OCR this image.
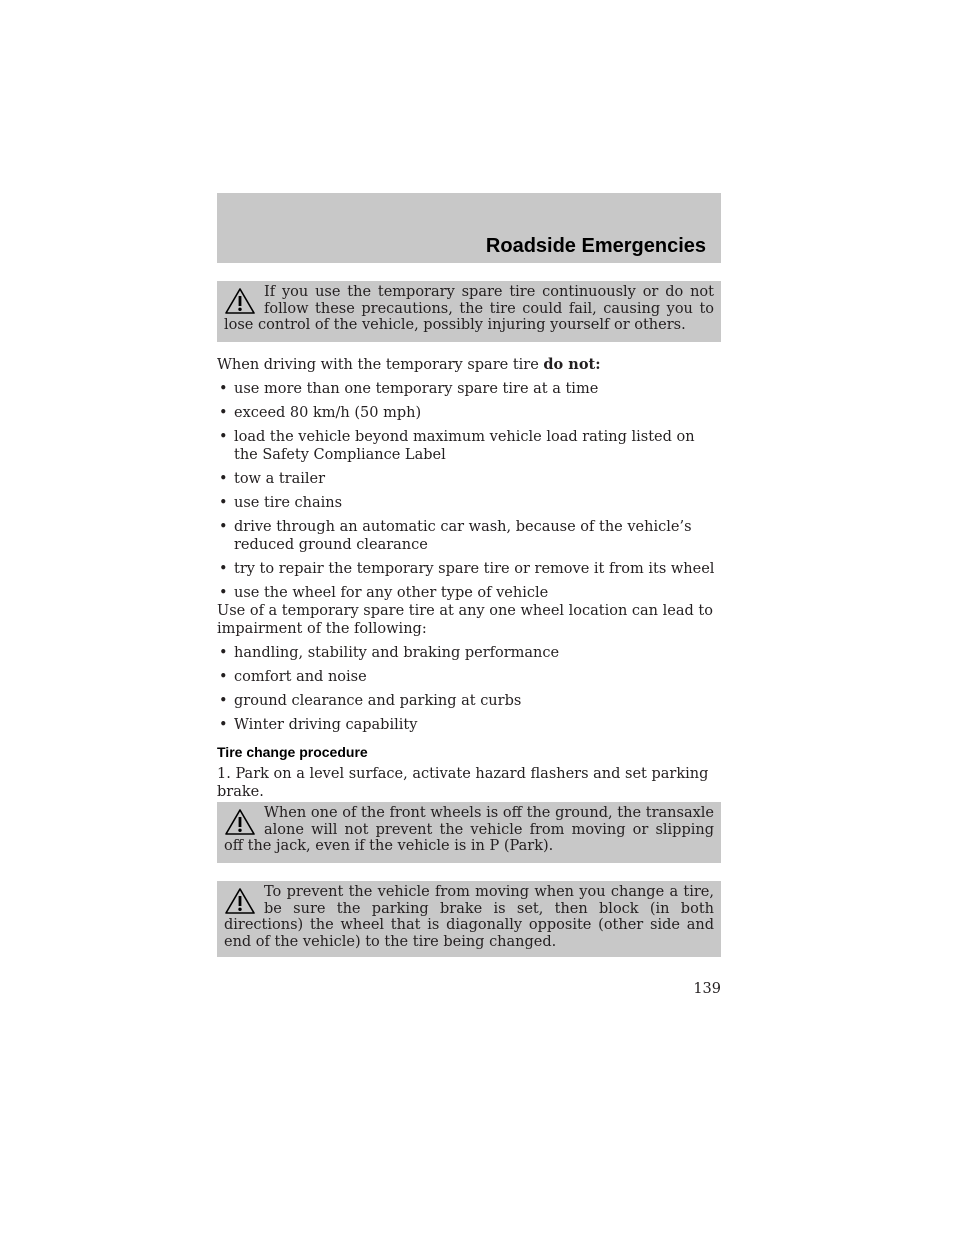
Roadside Emergencies
If you use the temporary spare tire continuously or do not follow these precautions, the tire could fail, causing you to lose control of the vehicle, possibly injuring yourself or others.

When driving with the temporary spare tire do not:

• use more than one temporary spare tire at a time
• exceed 80 km/h (50 mph)
• load the vehicle beyond maximum vehicle load rating listed on the Safety Compliance Label
• tow a trailer
• use tire chains
• drive through an automatic car wash, because of the vehicle’s reduced ground clearance
• try to repair the temporary spare tire or remove it from its wheel
• use the wheel for any other type of vehicle

Use of a temporary spare tire at any one wheel location can lead to impairment of the following:

• handling, stability and braking performance
• comfort and noise
• ground clearance and parking at curbs
• Winter driving capability
Tire change procedure

1. Park on a level surface, activate hazard flashers and set parking brake.

When one of the front wheels is off the ground, the transaxle alone will not prevent the vehicle from moving or slipping off the jack, even if the vehicle is in P (Park).
To prevent the vehicle from moving when you change a tire, be sure the parking brake is set, then block (in both directions) the wheel that is diagonally opposite (other side and end of the vehicle) to the tire being changed.
139
